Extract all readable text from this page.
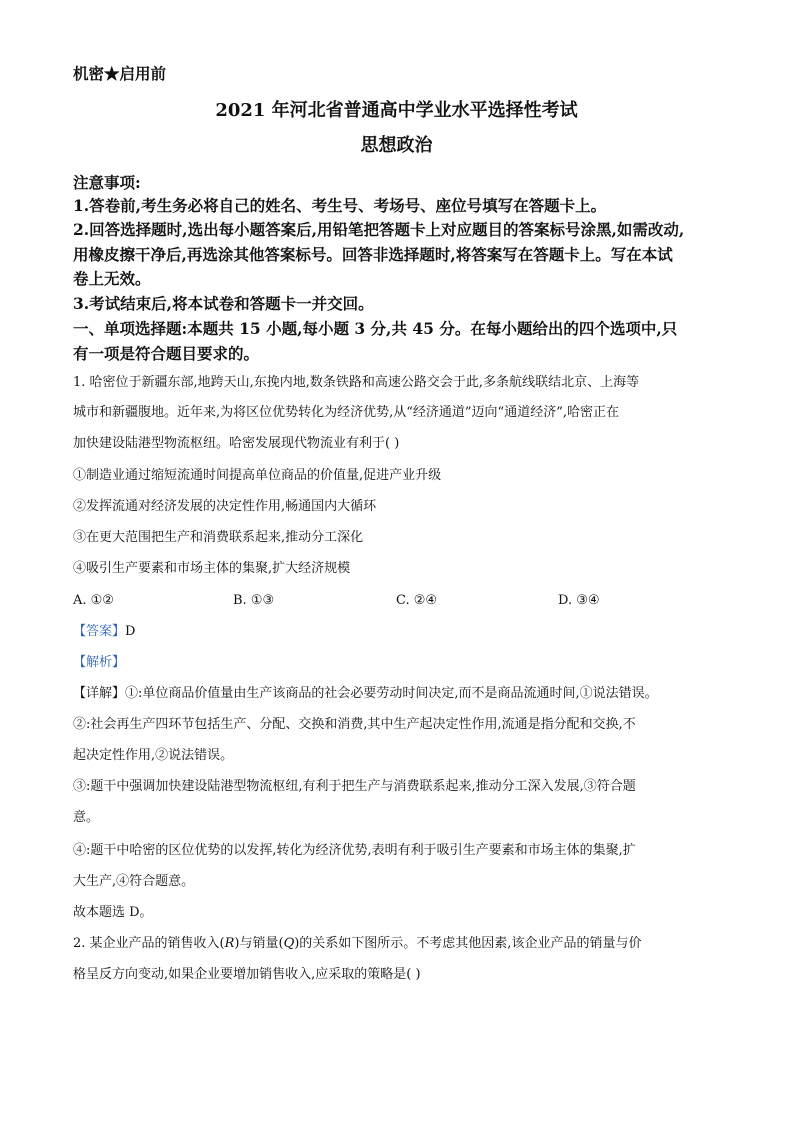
机密★启用前
2021 年河北省普通高中学业水平选择性考试
思想政治
注意事项:
1.答卷前,考生务必将自己的姓名、考生号、考场号、座位号填写在答题卡上。
2.回答选择题时,选出每小题答案后,用铅笔把答题卡上对应题目的答案标号涂黑,如需改动,
用橡皮擦干净后,再选涂其他答案标号。回答非选择题时,将答案写在答题卡上。写在本试
卷上无效。
3.考试结束后,将本试卷和答题卡一并交回。
一、单项选择题:本题共 15 小题,每小题 3 分,共 45 分。在每小题给出的四个选项中,只
有一项是符合题目要求的。
1. 哈密位于新疆东部,地跨天山,东挽内地,数条铁路和高速公路交会于此,多条航线联结北京、上海等
城市和新疆腹地。近年来,为将区位优势转化为经济优势,从“经济通道”迈向“通道经济”,哈密正在
加快建设陆港型物流枢纽。哈密发展现代物流业有利于( )
①制造业通过缩短流通时间提高单位商品的价值量,促进产业升级
②发挥流通对经济发展的决定性作用,畅通国内大循环
③在更大范围把生产和消费联系起来,推动分工深化
④吸引生产要素和市场主体的集聚,扩大经济规模
A. ①②	B. ①③	C. ②④	D. ③④
【答案】D
【解析】
【详解】①:单位商品价值量由生产该商品的社会必要劳动时间决定,而不是商品流通时间,①说法错误。
②:社会再生产四环节包括生产、分配、交换和消费,其中生产起决定性作用,流通是指分配和交换,不
起决定性作用,②说法错误。
③:题干中强调加快建设陆港型物流枢纽,有利于把生产与消费联系起来,推动分工深入发展,③符合题
意。
④:题干中哈密的区位优势的以发挥,转化为经济优势,表明有利于吸引生产要素和市场主体的集聚,扩
大生产,④符合题意。
故本题选 D。
2. 某企业产品的销售收入(R)与销量(Q)的关系如下图所示。不考虑其他因素,该企业产品的销量与价
格呈反方向变动,如果企业要增加销售收入,应采取的策略是( )
